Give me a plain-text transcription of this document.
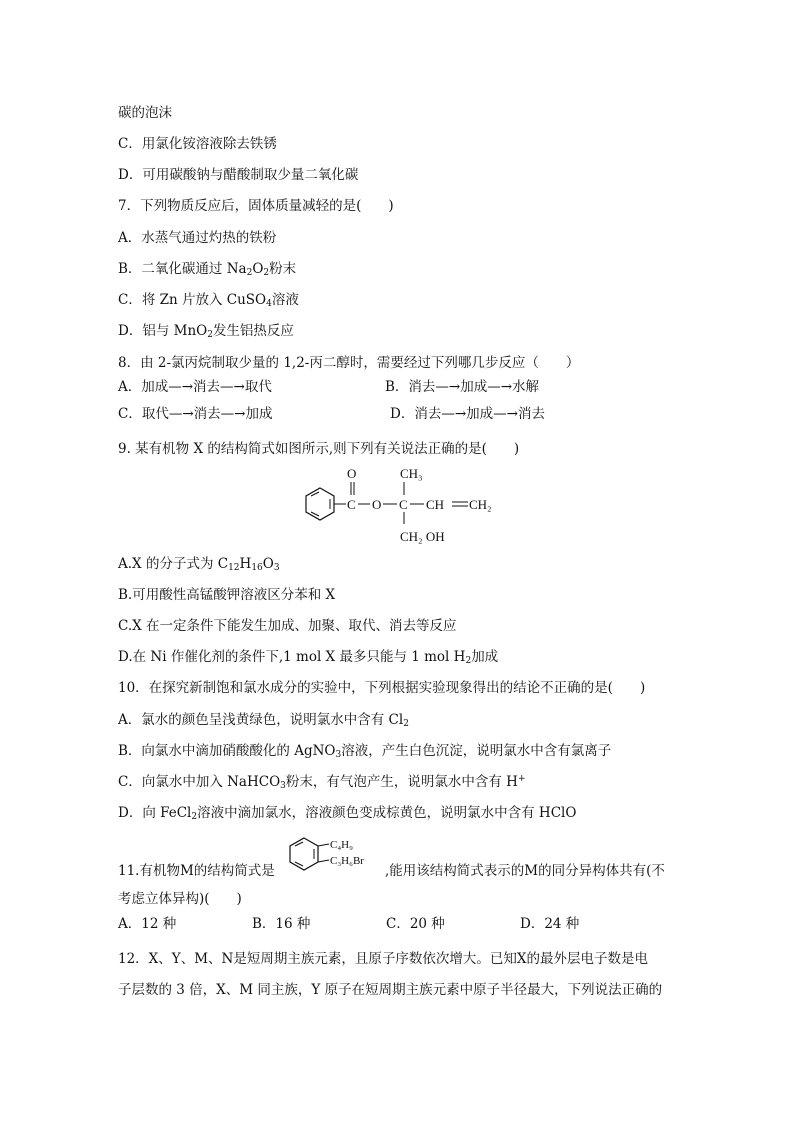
碳的泡沫
C．用氯化铵溶液除去铁锈
D．可用碳酸钠与醋酸制取少量二氧化碳
7．下列物质反应后，固体质量减轻的是(　　)
A．水蒸气通过灼热的铁粉
B．二氧化碳通过 $Na_2O_2$粉末
C．将 Zn 片放入 CuSO$_4$溶液
D．铝与 MnO$_2$发生铝热反应
8．由 2-氯丙烷制取少量的 1,2-丙二醇时，需要经过下列哪几步反应（　　）
A．加成—→消去—→取代	B．消去—→加成—→水解
C．取代—→消去—→加成	D．消去—→加成—→消去
9. 某有机物 X 的结构简式如图所示,则下列有关说法正确的是(　　)
C
O
O C
CH₃
CH₂ OH
CH CH₂
A.X 的分子式为 $C_{12}H_{16}O_3$
B.可用酸性高锰酸钾溶液区分苯和 X
C.X 在一定条件下能发生加成、加聚、取代、消去等反应
D.在 Ni 作催化剂的条件下,1 mol X 最多只能与 1 mol $H_2$加成
10．在探究新制饱和氯水成分的实验中，下列根据实验现象得出的结论不正确的是(　　)
A．氯水的颜色呈浅黄绿色，说明氯水中含有 $Cl_2$
B．向氯水中滴加硝酸酸化的 AgNO$_3$溶液，产生白色沉淀，说明氯水中含有氯离子
C．向氯水中加入 NaHCO$_3$粉末，有气泡产生，说明氯水中含有 H+
D．向 FeCl$_2$溶液中滴加氯水，溶液颜色变成棕黄色，说明氯水中含有 HClO
11.有机物M的结构简式是
C₄H₉
C₃H₆Br
,能用该结构简式表示的M的同分异构体共有(不
考虑立体异构)(　　)
A．12 种	B．16 种	C．20 种	D．24 种
12．X、Y、M、N是短周期主族元素，且原子序数依次增大。已知X的最外层电子数是电
子层数的 3 倍，X、M 同主族，Y 原子在短周期主族元素中原子半径最大，下列说法正确的
